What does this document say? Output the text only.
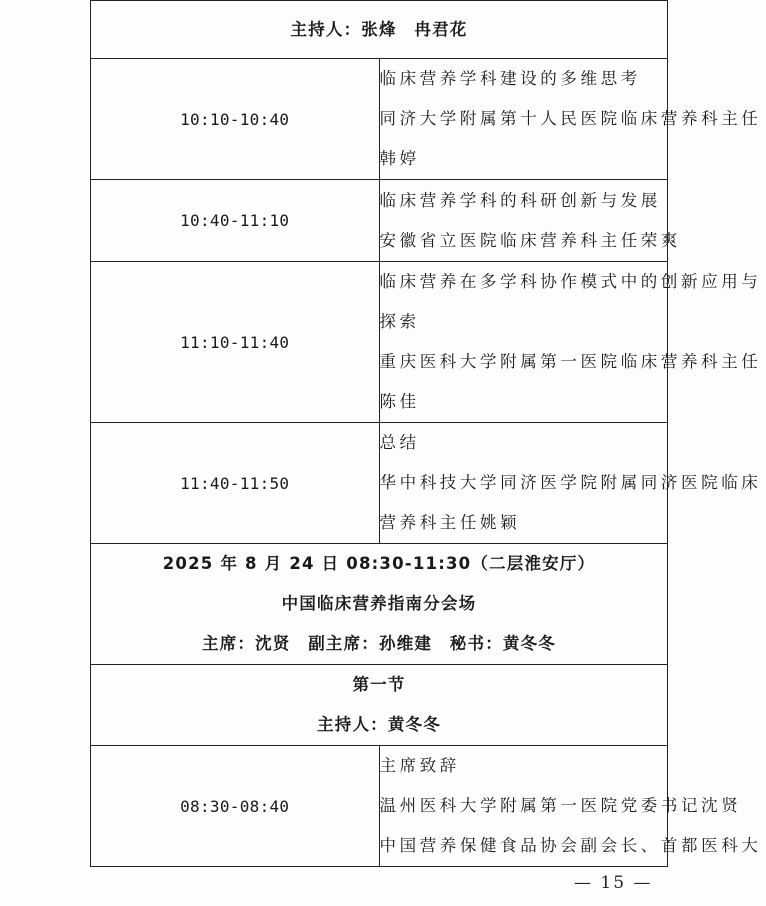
主持人：张烽　冉君花	

10:10-10:40	临床营养学科建设的多维思考
同济大学附属第十人民医院临床营养科主任
韩婷

10:40-11:10	临床营养学科的科研创新与发展
安徽省立医院临床营养科主任荣爽

11:10-11:40	临床营养在多学科协作模式中的创新应用与
探索
重庆医科大学附属第一医院临床营养科主任
陈佳

11:40-11:50	总结
华中科技大学同济医学院附属同济医院临床
营养科主任姚颖

2025 年 8 月 24 日 08:30-11:30（二层淮安厅）
中国临床营养指南分会场
主席：沈贤　副主席：孙维建　秘书：黄冬冬	

第一节
主持人：黄冬冬	

08:30-08:40	主席致辞
温州医科大学附属第一医院党委书记沈贤
中国营养保健食品协会副会长、首都医科大
— 15 —
